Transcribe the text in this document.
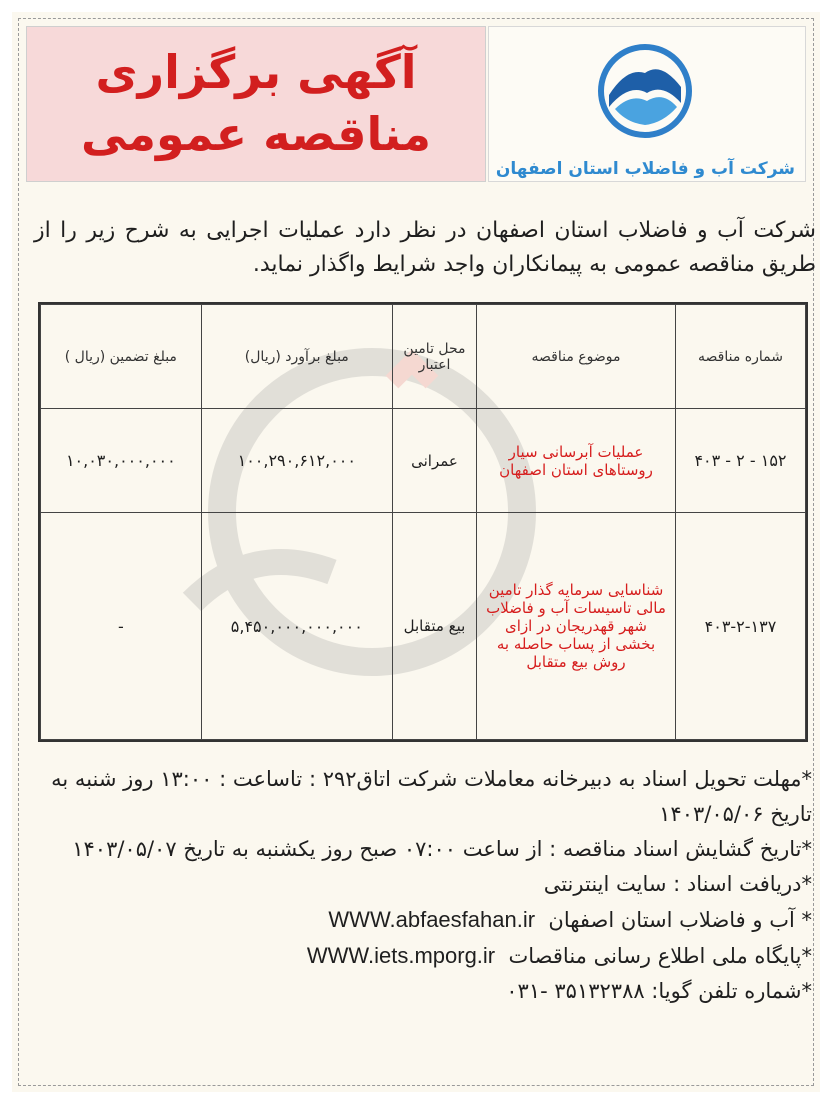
آگهی برگزاری
مناقصه عمومی
شرکت آب و فاضلاب استان اصفهان
شرکت آب و فاضلاب استان اصفهان در نظر دارد عملیات اجرایی به شرح زیر را از طریق مناقصه عمومی به پیمانکاران واجد شرایط واگذار نماید.
شماره مناقصه	موضوع مناقصه	محل تامین اعتبار	مبلغ برآورد (ریال)	مبلغ تضمین (ریال )
۱۵۲ - ۲ - ۴۰۳	عملیات آبرسانی سیار روستاهای استان اصفهان	عمرانی	۱۰۰,۲۹۰,۶۱۲,۰۰۰	۱۰,۰۳۰,۰۰۰,۰۰۰
۴۰۳-۲-۱۳۷	شناسایی سرمایه گذار تامین مالی تاسیسات آب و فاضلاب شهر قهدریجان در ازای بخشی از پساب حاصله به روش بیع متقابل	بیع متقابل	۵,۴۵۰,۰۰۰,۰۰۰,۰۰۰	-

*مهلت تحویل اسناد به دبیرخانه معاملات شرکت اتاق۲۹۲ : تاساعت : ۱۳:۰۰ روز شنبه به تاریخ ۱۴۰۳/۰۵/۰۶

*تاریخ گشایش اسناد مناقصه : از ساعت ۰۷:۰۰ صبح روز یکشنبه به تاریخ ۱۴۰۳/۰۵/۰۷

*دریافت اسناد : سایت اینترنتی

* آب و فاضلاب استان اصفهان  WWW.abfaesfahan.ir

*پایگاه ملی اطلاع رسانی مناقصات  WWW.iets.mporg.ir

*شماره تلفن گویا: ۳۵۱۳۲۳۸۸ -۰۳۱
